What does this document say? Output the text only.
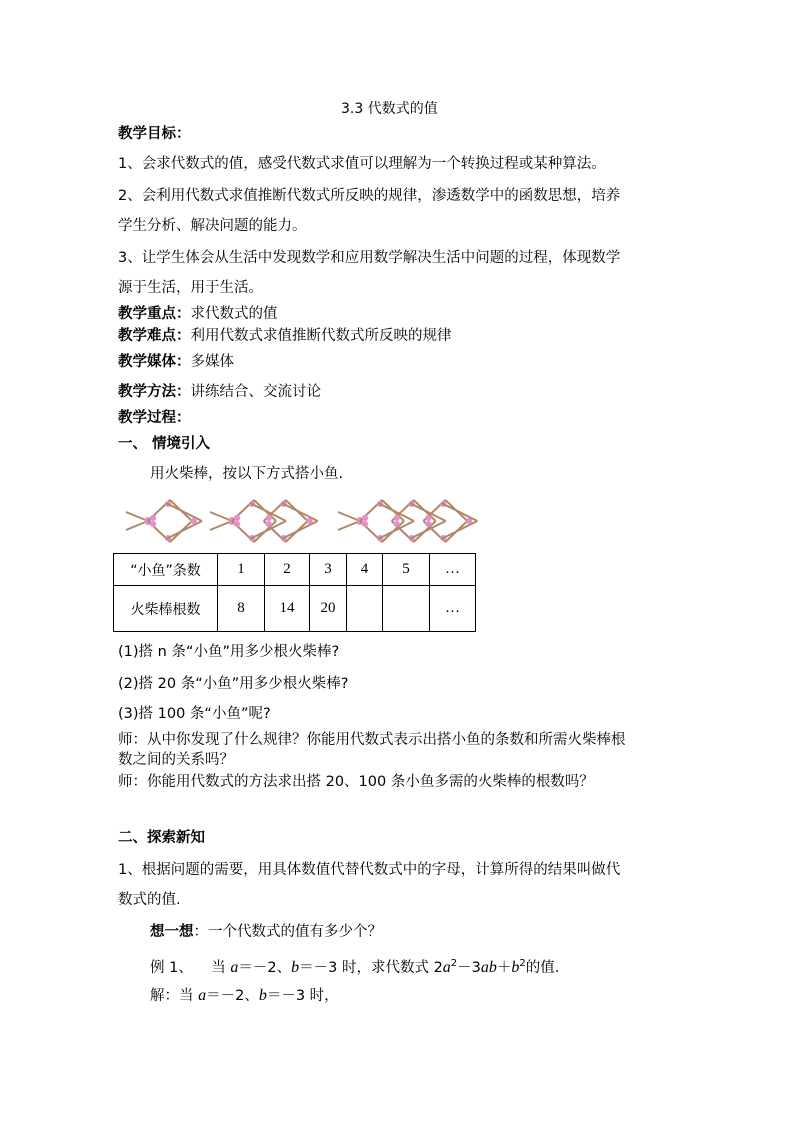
3.3 代数式的值
教学目标：
1、会求代数式的值，感受代数式求值可以理解为一个转换过程或某种算法。
2、会利用代数式求值推断代数式所反映的规律，渗透数学中的函数思想，培养
学生分析、解决问题的能力。
3、让学生体会从生活中发现数学和应用数学解决生活中问题的过程，体现数学
源于生活，用于生活。
教学重点：求代数式的值
教学难点：利用代数式求值推断代数式所反映的规律
教学媒体：多媒体
教学方法：讲练结合、交流讨论
教学过程：
一、 情境引入
用火柴棒，按以下方式搭小鱼.
“小鱼”条数	1	2	3	4	5	…
火柴棒根数	8	14	20			…
(1)搭 n 条“小鱼”用多少根火柴棒?
(2)搭 20 条“小鱼”用多少根火柴棒?
(3)搭 100 条“小鱼”呢?
师：从中你发现了什么规律？你能用代数式表示出搭小鱼的条数和所需火柴棒根
数之间的关系吗？
师：你能用代数式的方法求出搭 20、100 条小鱼多需的火柴棒的根数吗？
二、探索新知
1、根据问题的需要，用具体数值代替代数式中的字母，计算所得的结果叫做代
数式的值.
想一想：一个代数式的值有多少个？
例 1、 当 a＝－2、b＝－3 时，求代数式 $2a^2-3ab+b^2$的值.
解：当 a＝－2、b＝－3 时，
